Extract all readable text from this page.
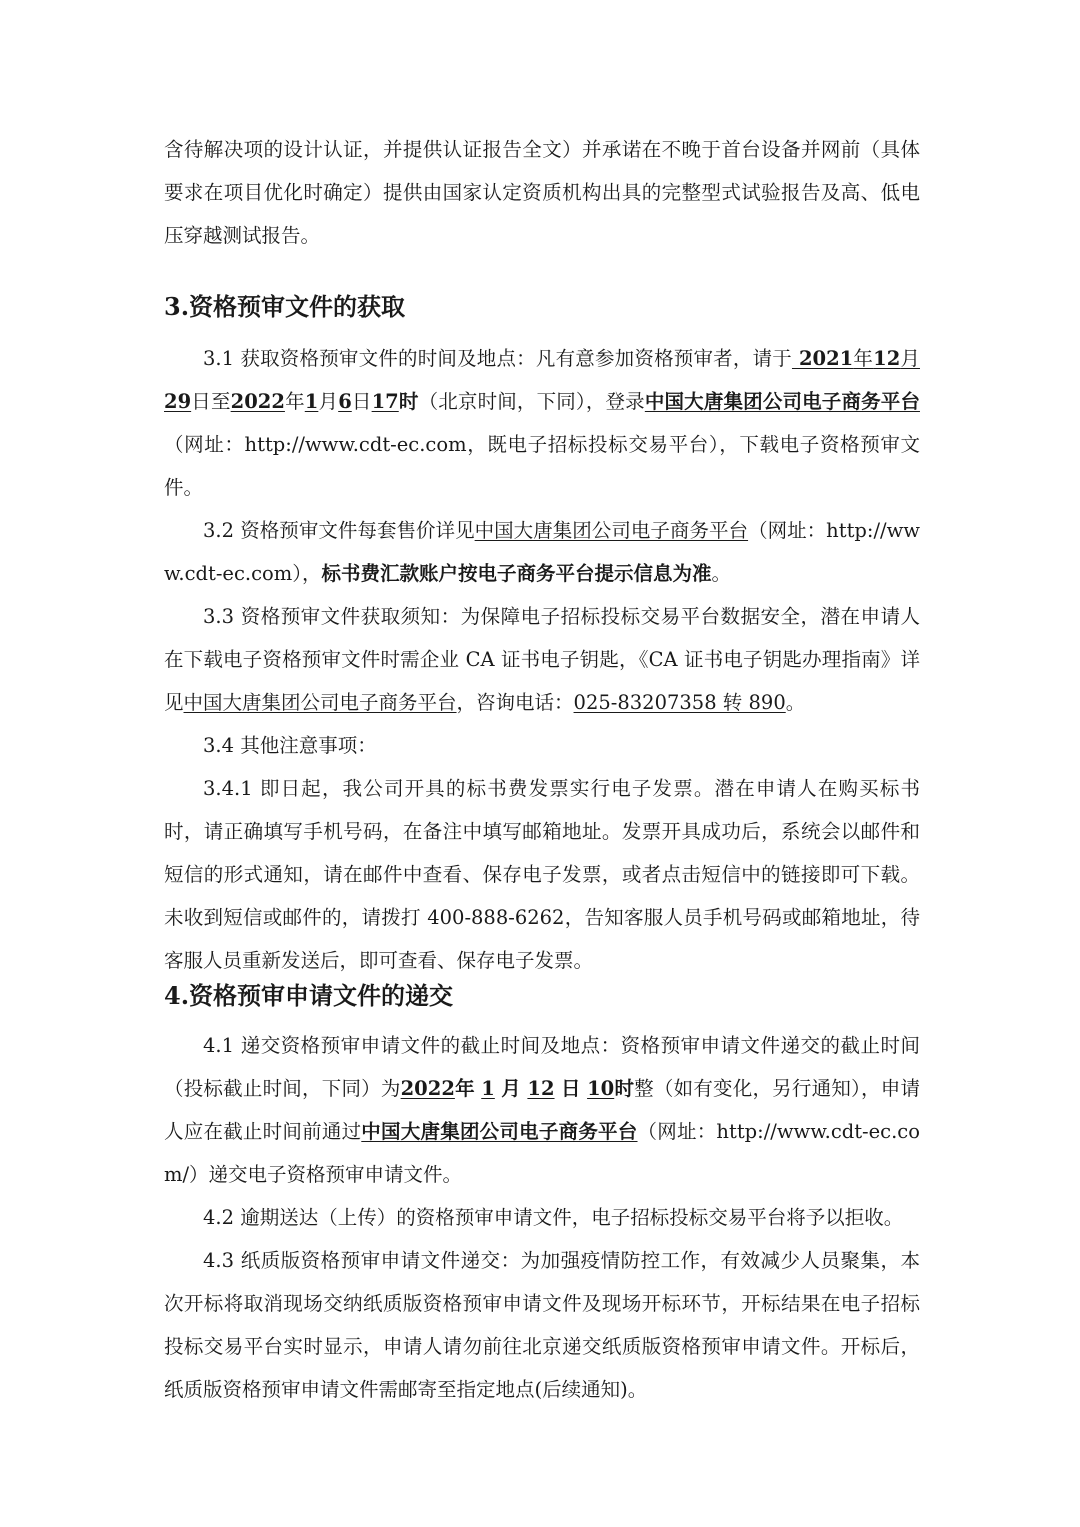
含待解决项的设计认证，并提供认证报告全文）并承诺在不晚于首台设备并网前（具体要求在项目优化时确定）提供由国家认定资质机构出具的完整型式试验报告及高、低电压穿越测试报告。

3.资格预审文件的获取

3.1 获取资格预审文件的时间及地点：凡有意参加资格预审者，请于 2021年12月29日至2022年1月6日17时（北京时间，下同），登录中国大唐集团公司电子商务平台（网址：http://www.cdt-ec.com，既电子招标投标交易平台），下载电子资格预审文件。

3.2 资格预审文件每套售价详见中国大唐集团公司电子商务平台（网址：http://www.cdt-ec.com），标书费汇款账户按电子商务平台提示信息为准。

3.3 资格预审文件获取须知：为保障电子招标投标交易平台数据安全，潜在申请人在下载电子资格预审文件时需企业 CA 证书电子钥匙，《CA 证书电子钥匙办理指南》详见中国大唐集团公司电子商务平台，咨询电话：025-83207358 转 890。

3.4 其他注意事项：

3.4.1 即日起，我公司开具的标书费发票实行电子发票。潜在申请人在购买标书时，请正确填写手机号码，在备注中填写邮箱地址。发票开具成功后，系统会以邮件和短信的形式通知，请在邮件中查看、保存电子发票，或者点击短信中的链接即可下载。未收到短信或邮件的，请拨打 400-888-6262，告知客服人员手机号码或邮箱地址，待客服人员重新发送后，即可查看、保存电子发票。

4.资格预审申请文件的递交

4.1 递交资格预审申请文件的截止时间及地点：资格预审申请文件递交的截止时间（投标截止时间，下同）为2022年 1 月 12 日 10时整（如有变化，另行通知），申请人应在截止时间前通过中国大唐集团公司电子商务平台（网址：http://www.cdt-ec.com/）递交电子资格预审申请文件。

4.2 逾期送达（上传）的资格预审申请文件，电子招标投标交易平台将予以拒收。

4.3 纸质版资格预审申请文件递交：为加强疫情防控工作，有效减少人员聚集，本次开标将取消现场交纳纸质版资格预审申请文件及现场开标环节，开标结果在电子招标投标交易平台实时显示，申请人请勿前往北京递交纸质版资格预审申请文件。开标后，纸质版资格预审申请文件需邮寄至指定地点(后续通知)。
